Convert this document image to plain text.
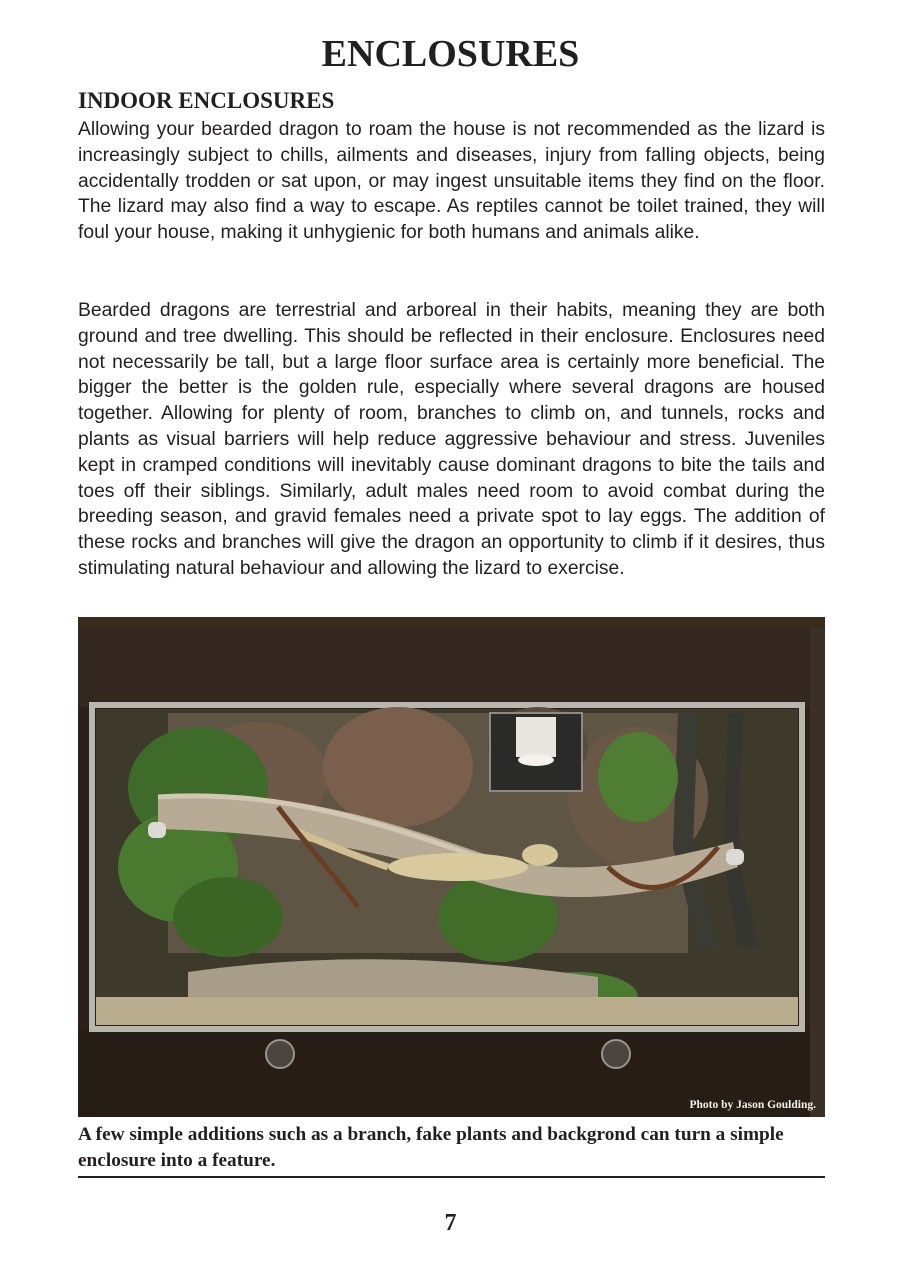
ENCLOSURES
INDOOR ENCLOSURES

Allowing your bearded dragon to roam the house is not recommended as the lizard is increasingly subject to chills, ailments and diseases, injury from falling objects, being accidentally trodden or sat upon, or may ingest unsuitable items they find on the floor. The lizard may also find a way to escape. As reptiles cannot be toilet trained, they will foul your house, making it unhygienic for both humans and animals alike.

Bearded dragons are terrestrial and arboreal in their habits, meaning they are both ground and tree dwelling. This should be reflected in their enclosure. Enclosures need not necessarily be tall, but a large floor surface area is certainly more beneficial. The bigger the better is the golden rule, especially where several dragons are housed together. Allowing for plenty of room, branches to climb on, and tunnels, rocks and plants as visual barriers will help reduce aggressive behaviour and stress. Juveniles kept in cramped conditions will inevitably cause dominant dragons to bite the tails and toes off their siblings. Similarly, adult males need room to avoid combat during the breeding season, and gravid females need a private spot to lay eggs. The addition of these rocks and branches will give the dragon an opportunity to climb if it desires, thus stimulating natural behaviour and allowing the lizard to exercise.

Photo by Jason Goulding.

A few simple additions such as a branch, fake plants and backgrond can turn a simple enclosure into a feature.

7
